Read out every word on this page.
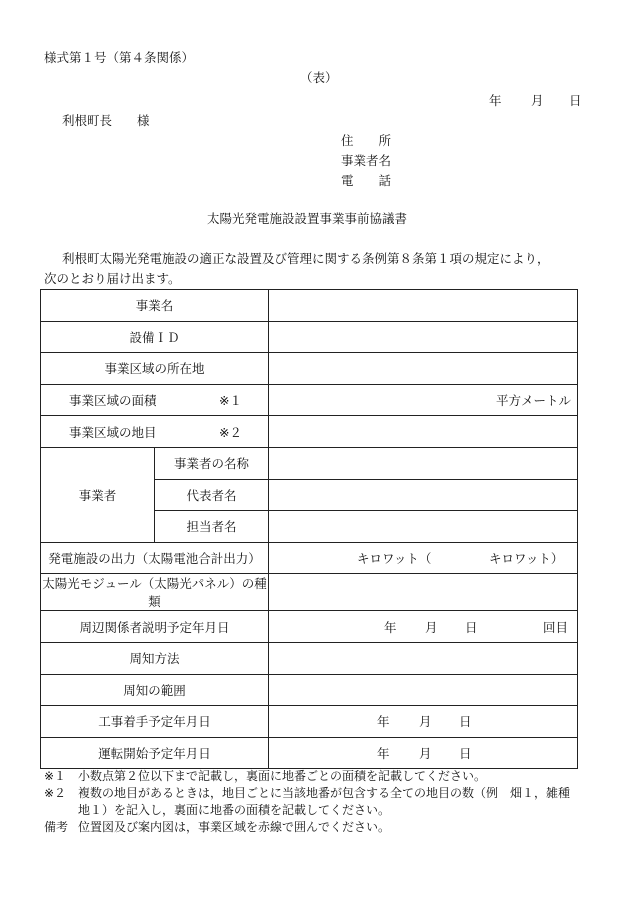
様式第１号（第４条関係）
（表）
年 月 日
利根町長　　様
住　　所
事業者名
電　　話
太陽光発電施設設置事業事前協議書
利根町太陽光発電施設の適正な設置及び管理に関する条例第８条第１項の規定により，
次のとおり届け出ます。
事業名		
設備ＩＤ		
事業区域の所在地		

事業区域の面積 ※１		平方メートル

事業区域の地目 ※２		

事業者	事業者の名称	
	代表者名	
	担当者名	
発電施設の出力（太陽電池合計出力）		キロワット（ キロワット）

太陽光モジュール（太陽光パネル）の種類		
周辺関係者説明予定年月日		年 月 日 回目

周知方法		
周知の範囲		
工事着手予定年月日		年 月 日

運転開始予定年月日		年 月 日
※１ 小数点第２位以下まで記載し，裏面に地番ごとの面積を記載してください。
※２ 複数の地目があるときは，地目ごとに当該地番が包含する全ての地目の数（例　畑１，雑種
地１）を記入し，裏面に地番の面積を記載してください。
備考 位置図及び案内図は，事業区域を赤線で囲んでください。
